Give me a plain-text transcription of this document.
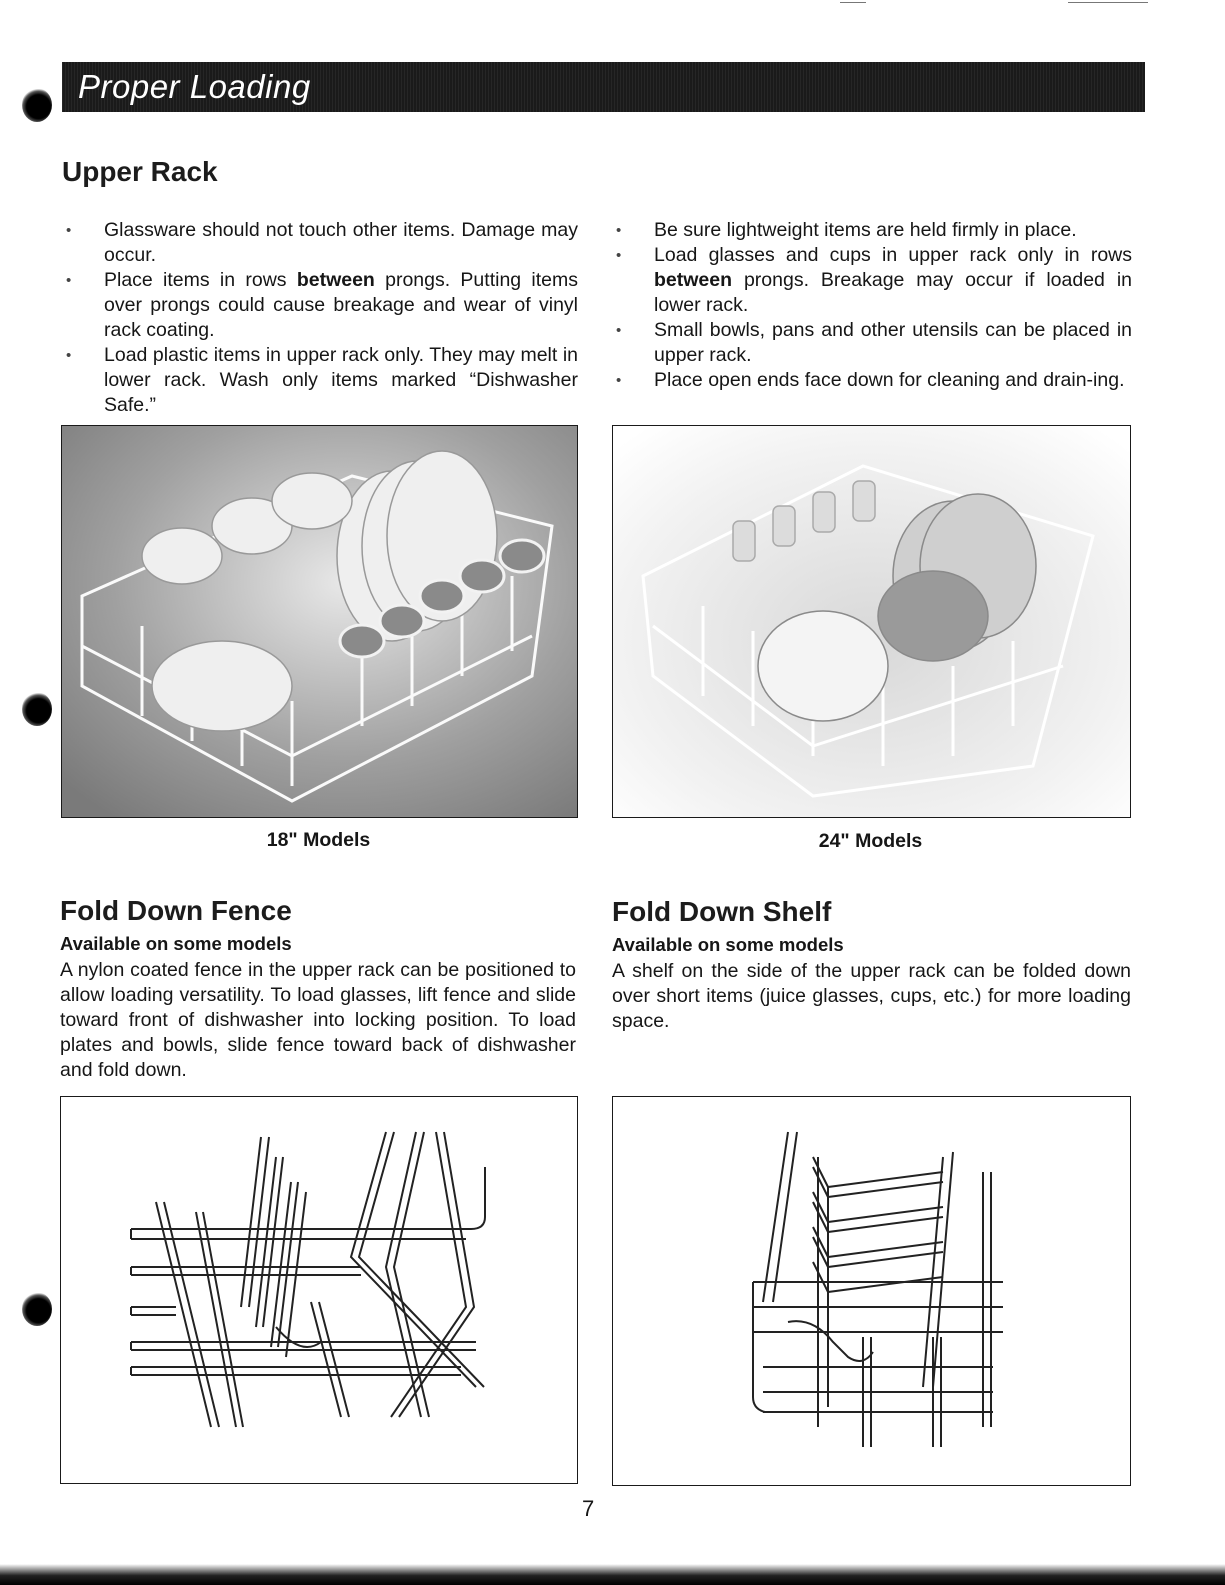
Proper Loading
Upper Rack
• Glassware should not touch other items. Damage may occur.
• Place items in rows between prongs. Putting items over prongs could cause breakage and wear of vinyl rack coating.
• Load plastic items in upper rack only. They may melt in lower rack. Wash only items marked “Dishwasher Safe.”
• Be sure lightweight items are held firmly in place.
• Load glasses and cups in upper rack only in rows between prongs. Breakage may occur if loaded in lower rack.
• Small bowls, pans and other utensils can be placed in upper rack.
• Place open ends face down for cleaning and drain-ing.
18" Models	24" Models
Fold Down Fence
Available on some models
A nylon coated fence in the upper rack can be positioned to allow loading versatility. To load glasses, lift fence and slide toward front of dishwasher into locking position. To load plates and bowls, slide fence toward back of dishwasher and fold down.
Fold Down Shelf
Available on some models
A shelf on the side of the upper rack can be folded down over short items (juice glasses, cups, etc.) for more loading space.
7
